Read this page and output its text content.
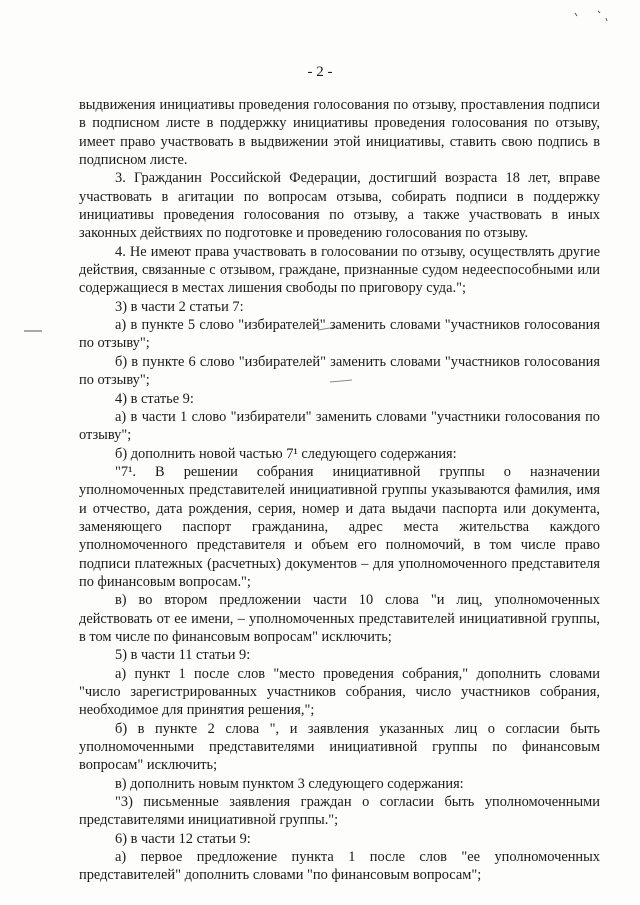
- 2 -

выдвижения инициативы проведения голосования по отзыву, проставления подписи в подписном листе в поддержку инициативы проведения голосования по отзыву, имеет право участвовать в выдвижении этой инициативы, ставить свою подпись в подписном листе.

3. Гражданин Российской Федерации, достигший возраста 18 лет, вправе участвовать в агитации по вопросам отзыва, собирать подписи в поддержку инициативы проведения голосования по отзыву, а также участвовать в иных законных действиях по подготовке и проведению голосования по отзыву.

4. Не имеют права участвовать в голосовании по отзыву, осуществлять другие действия, связанные с отзывом, граждане, признанные судом недееспособными или содержащиеся в местах лишения свободы по приговору суда.";

3) в части 2 статьи 7:

а) в пункте 5 слово "избирателей" заменить словами "участников голосования по отзыву";

б) в пункте 6 слово "избирателей" заменить словами "участников голосования по отзыву";

4) в статье 9:

а) в части 1 слово "избиратели" заменить словами "участники голосования по отзыву";

б) дополнить новой частью 7¹ следующего содержания:

"7¹. В решении собрания инициативной группы о назначении уполномоченных представителей инициативной группы указываются фамилия, имя и отчество, дата рождения, серия, номер и дата выдачи паспорта или документа, заменяющего паспорт гражданина, адрес места жительства каждого уполномоченного представителя и объем его полномочий, в том числе право подписи платежных (расчетных) документов – для уполномоченного представителя по финансовым вопросам.";

в) во втором предложении части 10 слова "и лиц, уполномоченных действовать от ее имени, – уполномоченных представителей инициативной группы, в том числе по финансовым вопросам" исключить;

5) в части 11 статьи 9:

а) пункт 1 после слов "место проведения собрания," дополнить словами "число зарегистрированных участников собрания, число участников собрания, необходимое для принятия решения,";

б) в пункте 2 слова ", и заявления указанных лиц о согласии быть уполномоченными представителями инициативной группы по финансовым вопросам" исключить;

в) дополнить новым пунктом 3 следующего содержания:

"3) письменные заявления граждан о согласии быть уполномоченными представителями инициативной группы.";

6) в части 12 статьи 9:

а) первое предложение пункта 1 после слов "ее уполномоченных представителей" дополнить словами "по финансовым вопросам";
